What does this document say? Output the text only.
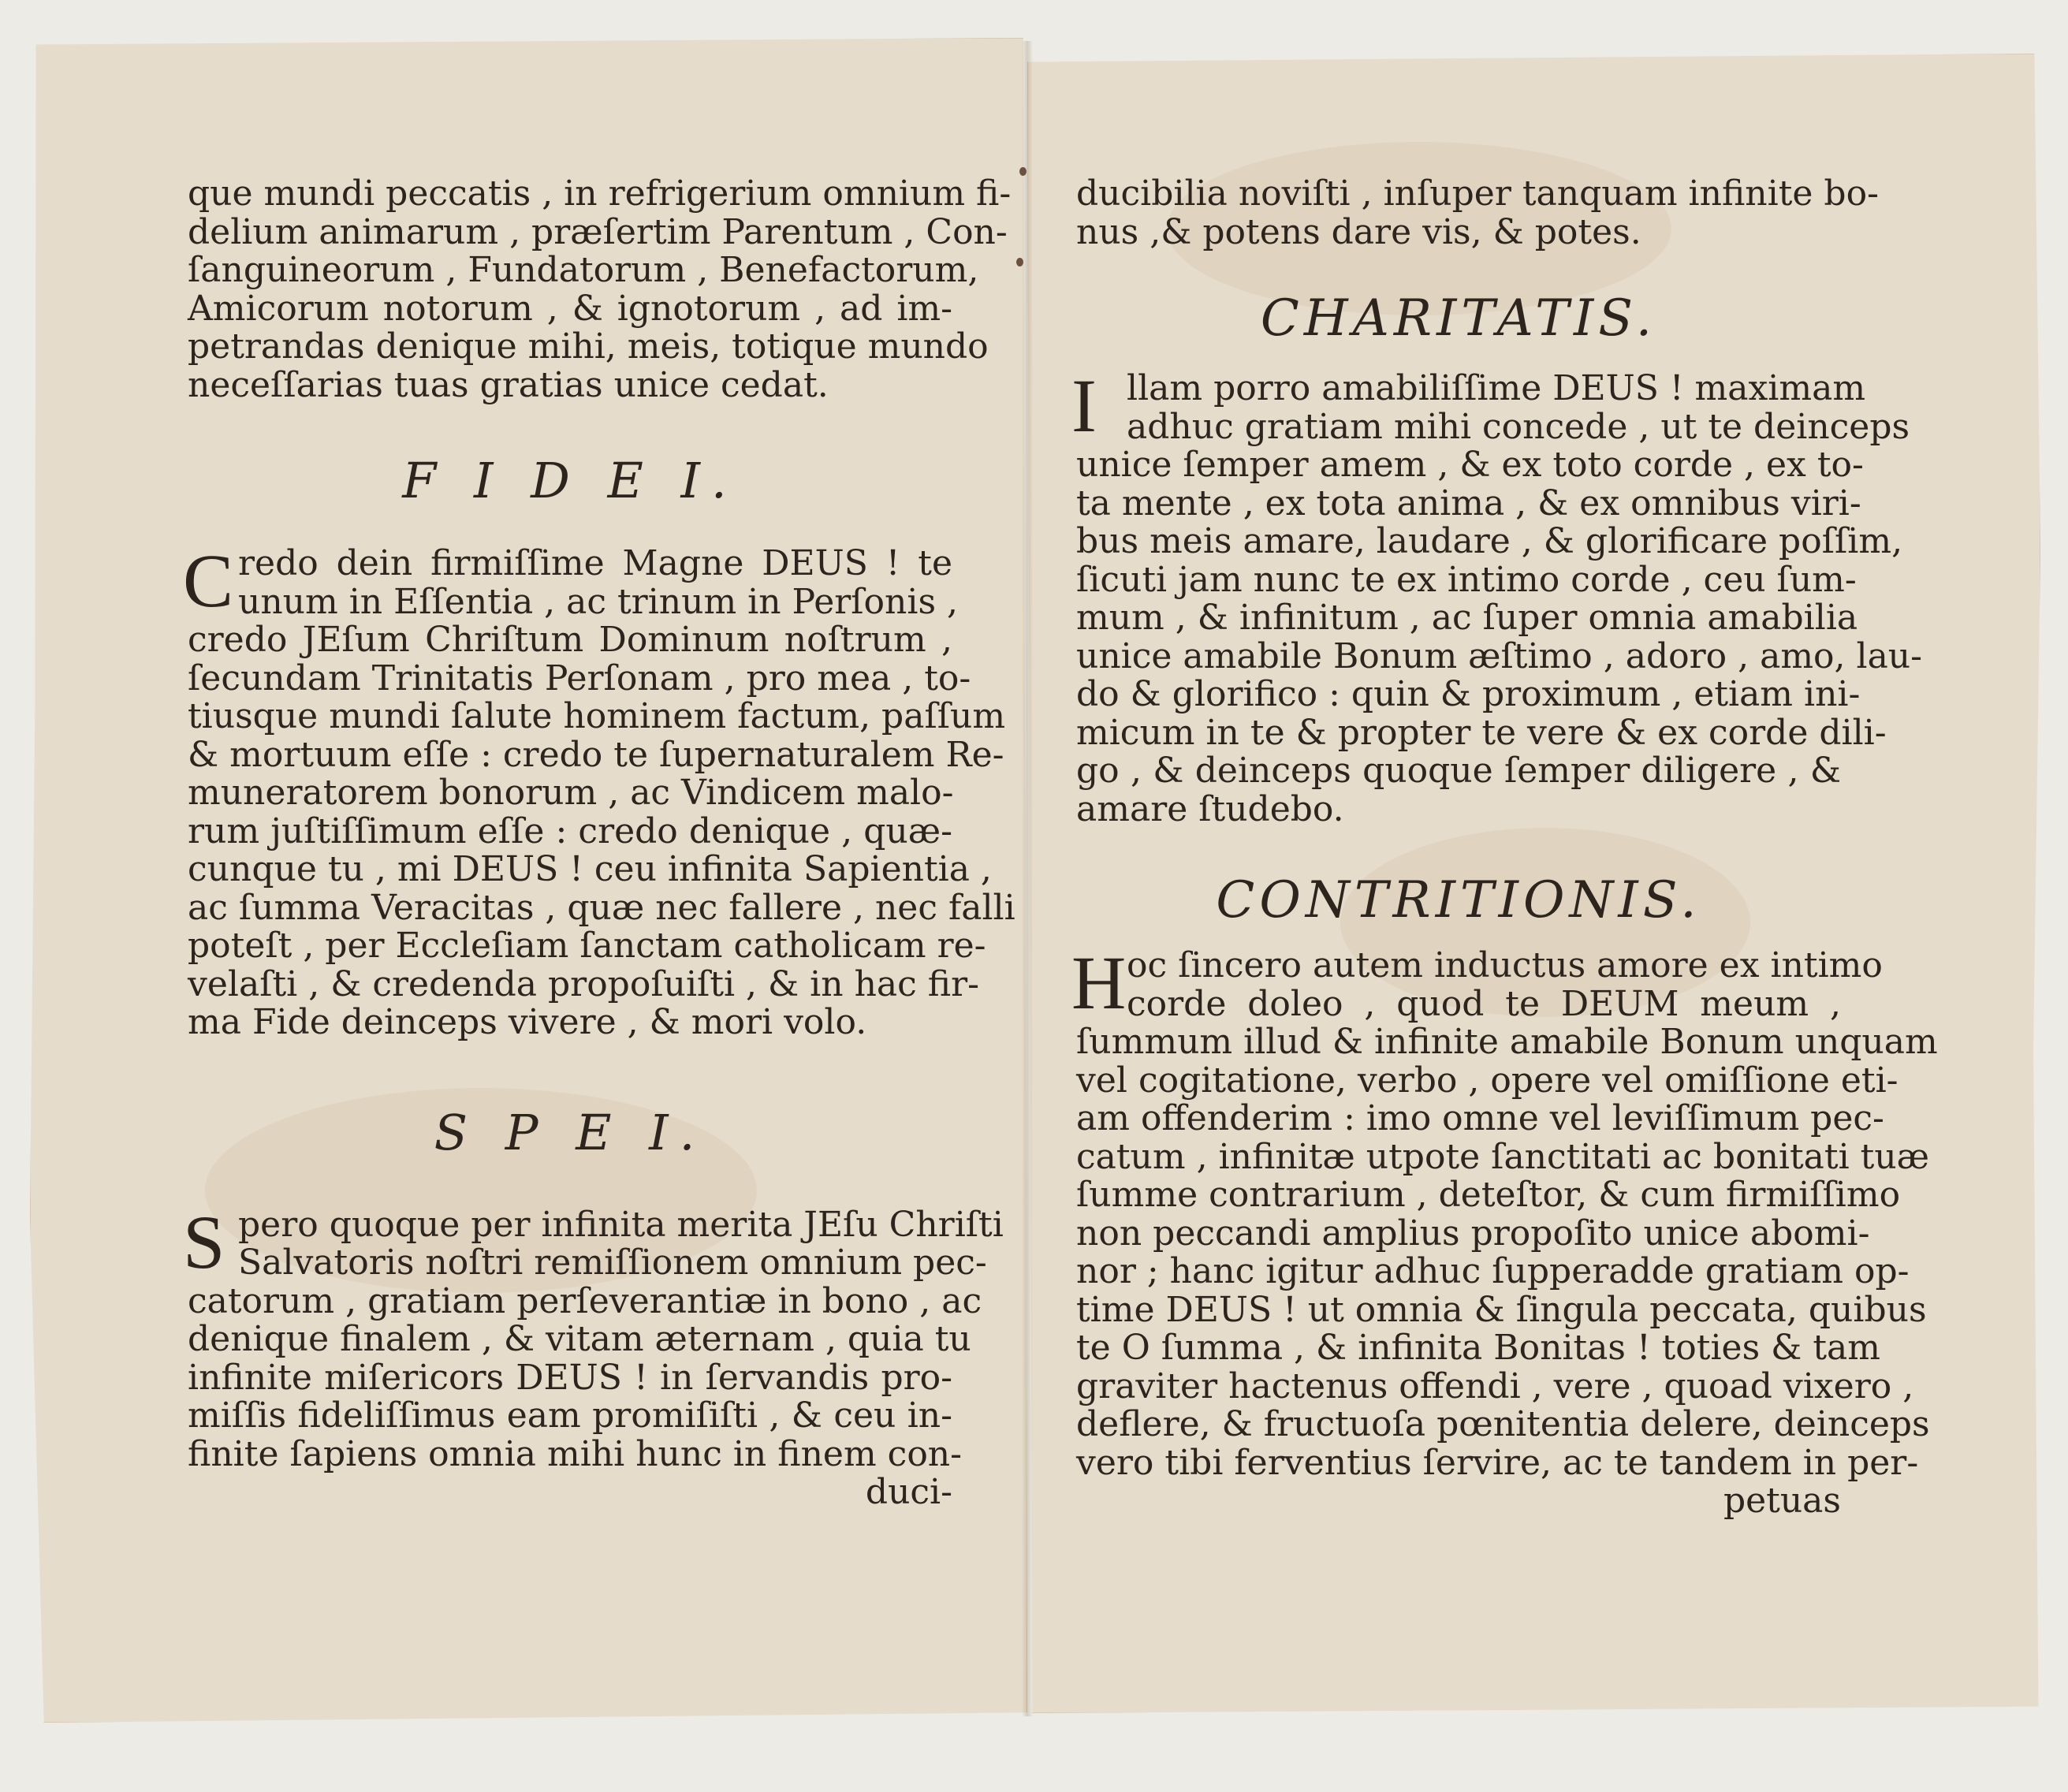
que mundi peccatis , in refrigerium omnium fi-
delium animarum , præſertim Parentum , Con-
ſanguineorum , Fundatorum , Benefactorum,
Amicorum notorum , & ignotorum , ad im-
petrandas denique mihi, meis, totique mundo
neceſſarias tuas gratias unice cedat.
F I D E I.
C redo dein firmiſſime Magne DEUS ! te
unum in Eſſentia , ac trinum in Perſonis ,
credo JEſum Chriſtum Dominum noſtrum ,
ſecundam Trinitatis Perſonam , pro mea , to-
tiusque mundi ſalute hominem factum, paſſum
& mortuum eſſe : credo te ſupernaturalem Re-
muneratorem bonorum , ac Vindicem malo-
rum juſtiſſimum eſſe : credo denique , quæ-
cunque tu , mi DEUS ! ceu infinita Sapientia ,
ac ſumma Veracitas , quæ nec fallere , nec falli
poteſt , per Eccleſiam ſanctam catholicam re-
velaſti , & credenda propoſuiſti , & in hac fir-
ma Fide deinceps vivere , & mori volo.
S P E I.
S pero quoque per infinita merita JEſu Chriſti
Salvatoris noſtri remiſſionem omnium pec-
catorum , gratiam perſeverantiæ in bono , ac
denique finalem , & vitam æternam , quia tu
infinite miſericors DEUS ! in ſervandis pro-
miſſis fideliſſimus eam promiſiſti , & ceu in-
finite ſapiens omnia mihi hunc in finem con-
duci-
ducibilia noviſti , inſuper tanquam infinite bo-
nus ,& potens dare vis, & potes.
CHARITATIS.
I llam porro amabiliſſime DEUS ! maximam
adhuc gratiam mihi concede , ut te deinceps
unice ſemper amem , & ex toto corde , ex to-
ta mente , ex tota anima , & ex omnibus viri-
bus meis amare, laudare , & glorificare poſſim,
ſicuti jam nunc te ex intimo corde , ceu ſum-
mum , & infinitum , ac ſuper omnia amabilia
unice amabile Bonum æſtimo , adoro , amo, lau-
do & glorifico : quin & proximum , etiam ini-
micum in te & propter te vere & ex corde dili-
go , & deinceps quoque ſemper diligere , &
amare ſtudebo.
CONTRITIONIS.
H oc ſincero autem inductus amore ex intimo
corde doleo , quod te DEUM meum ,
ſummum illud & infinite amabile Bonum unquam
vel cogitatione, verbo , opere vel omiſſione eti-
am offenderim : imo omne vel leviſſimum pec-
catum , infinitæ utpote ſanctitati ac bonitati tuæ
ſumme contrarium , deteſtor, & cum firmiſſimo
non peccandi amplius propoſito unice abomi-
nor ; hanc igitur adhuc ſupperadde gratiam op-
time DEUS ! ut omnia & ſingula peccata, quibus
te O ſumma , & infinita Bonitas ! toties & tam
graviter hactenus offendi , vere , quoad vixero ,
deflere, & fructuoſa pœnitentia delere, deinceps
vero tibi ferventius ſervire, ac te tandem in per-
petuas
